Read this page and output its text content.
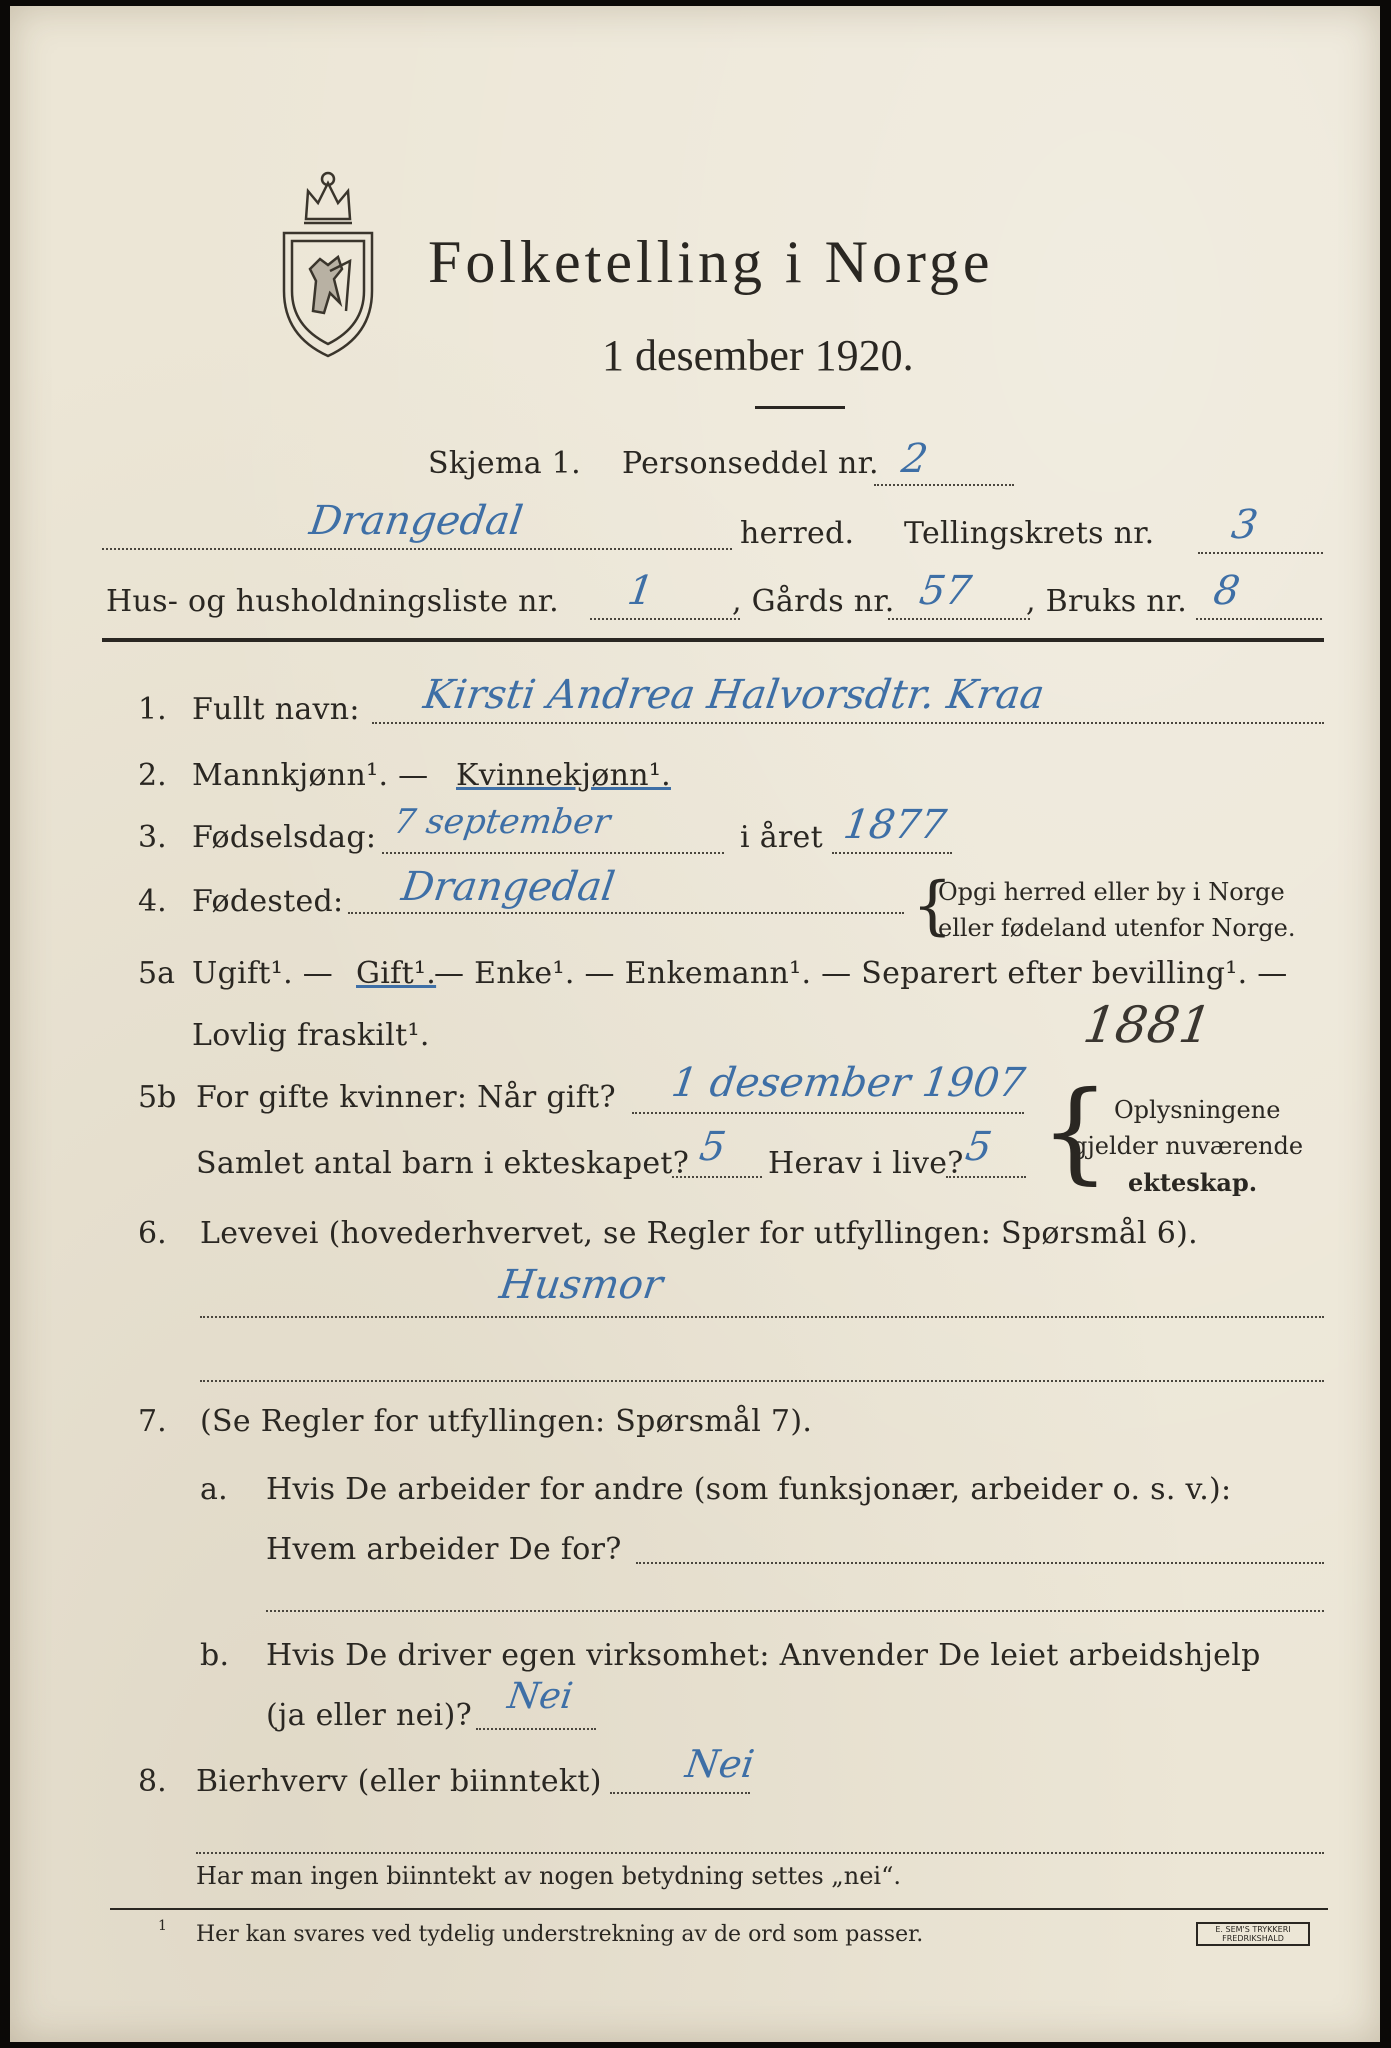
Folketelling i Norge
1 desember 1920.
Skjema 1. Personseddel nr. 2
Drangedal	herred. Tellingskrets nr. 3
Hus- og husholdningsliste nr. 1	, Gårds nr. 57 , Bruks nr. 8
1. Fullt navn: Kirsti Andrea Halvorsdtr. Kraa
2. Mannkjønn¹. — Kvinnekjønn¹.
3. Fødselsdag: 7 september	i året 1877
4. Fødested: Drangedal	{
Opgi herred eller by i Norge
eller fødeland utenfor Norge.
5a Ugift¹. — Gift¹.
— Enke¹. — Enkemann¹. — Separert efter bevilling¹. —
Lovlig fraskilt¹.	1881
5b For gifte kvinner: Når gift? 1 desember 1907
Samlet antal barn i ekteskapet? 5 Herav i live? 5 { Oplysningene
gjelder nuværende
ekteskap.
6. Levevei (hovederhvervet, se Regler for utfyllingen: Spørsmål 6).
Husmor
7. (Se Regler for utfyllingen: Spørsmål 7).
a. Hvis De arbeider for andre (som funksjonær, arbeider o. s. v.):
Hvem arbeider De for?
b. Hvis De driver egen virksomhet: Anvender De leiet arbeidshjelp
(ja eller nei)? Nei
8. Bierhverv (eller biinntekt) Nei
Har man ingen biinntekt av nogen betydning settes „nei“.
1 Her kan svares ved tydelig understrekning av de ord som passer.	E. SEM'S TRYKKERI FREDRIKSHALD
